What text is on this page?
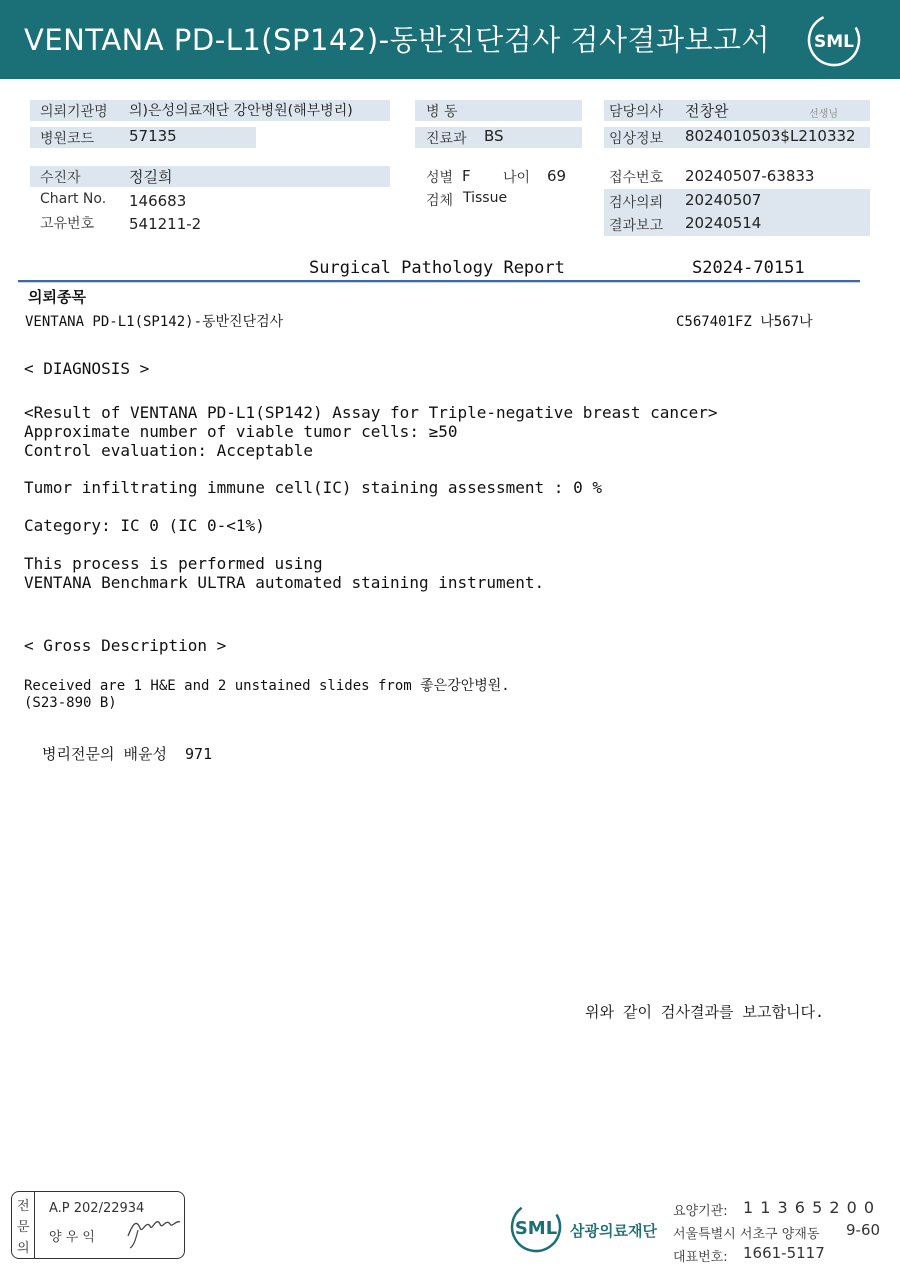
VENTANA PD-L1(SP142)-동반진단검사 검사결과보고서	SML
의뢰기관명 의)은성의료재단 강안병원(해부병리)
병원코드 57135
병 동
진료과 BS
담당의사 전창완	선생님
임상정보 8024010503$L210332
수진자	정길희
Chart No. 146683
고유번호 541211-2
성별 F 나이 69
검체 Tissue
접수번호 20240507-63833
검사의뢰 20240507
결과보고 20240514
Surgical Pathology Report	S2024-70151
의뢰종목
VENTANA PD-L1(SP142)-동반진단검사	C567401FZ 나567나
< DIAGNOSIS >
<Result of VENTANA PD-L1(SP142) Assay for Triple-negative breast cancer>
Approximate number of viable tumor cells: ≥50
Control evaluation: Acceptable
Tumor infiltrating immune cell(IC) staining assessment : 0 %
Category: IC 0 (IC 0-<1%)
This process is performed using
VENTANA Benchmark ULTRA automated staining instrument.
< Gross Description >
Received are 1 H&E and 2 unstained slides from 좋은강안병원.
(S23-890 B)
병리전문의 배윤성  971
위와 같이 검사결과를 보고합니다.
전
문
의
A.P 202/22934
양 우 익	SML 삼광의료재단
요양기관: 1 1 3 6 5 2 0 0
서울특별시 서초구 양재동 9-60
대표번호: 1661-5117
